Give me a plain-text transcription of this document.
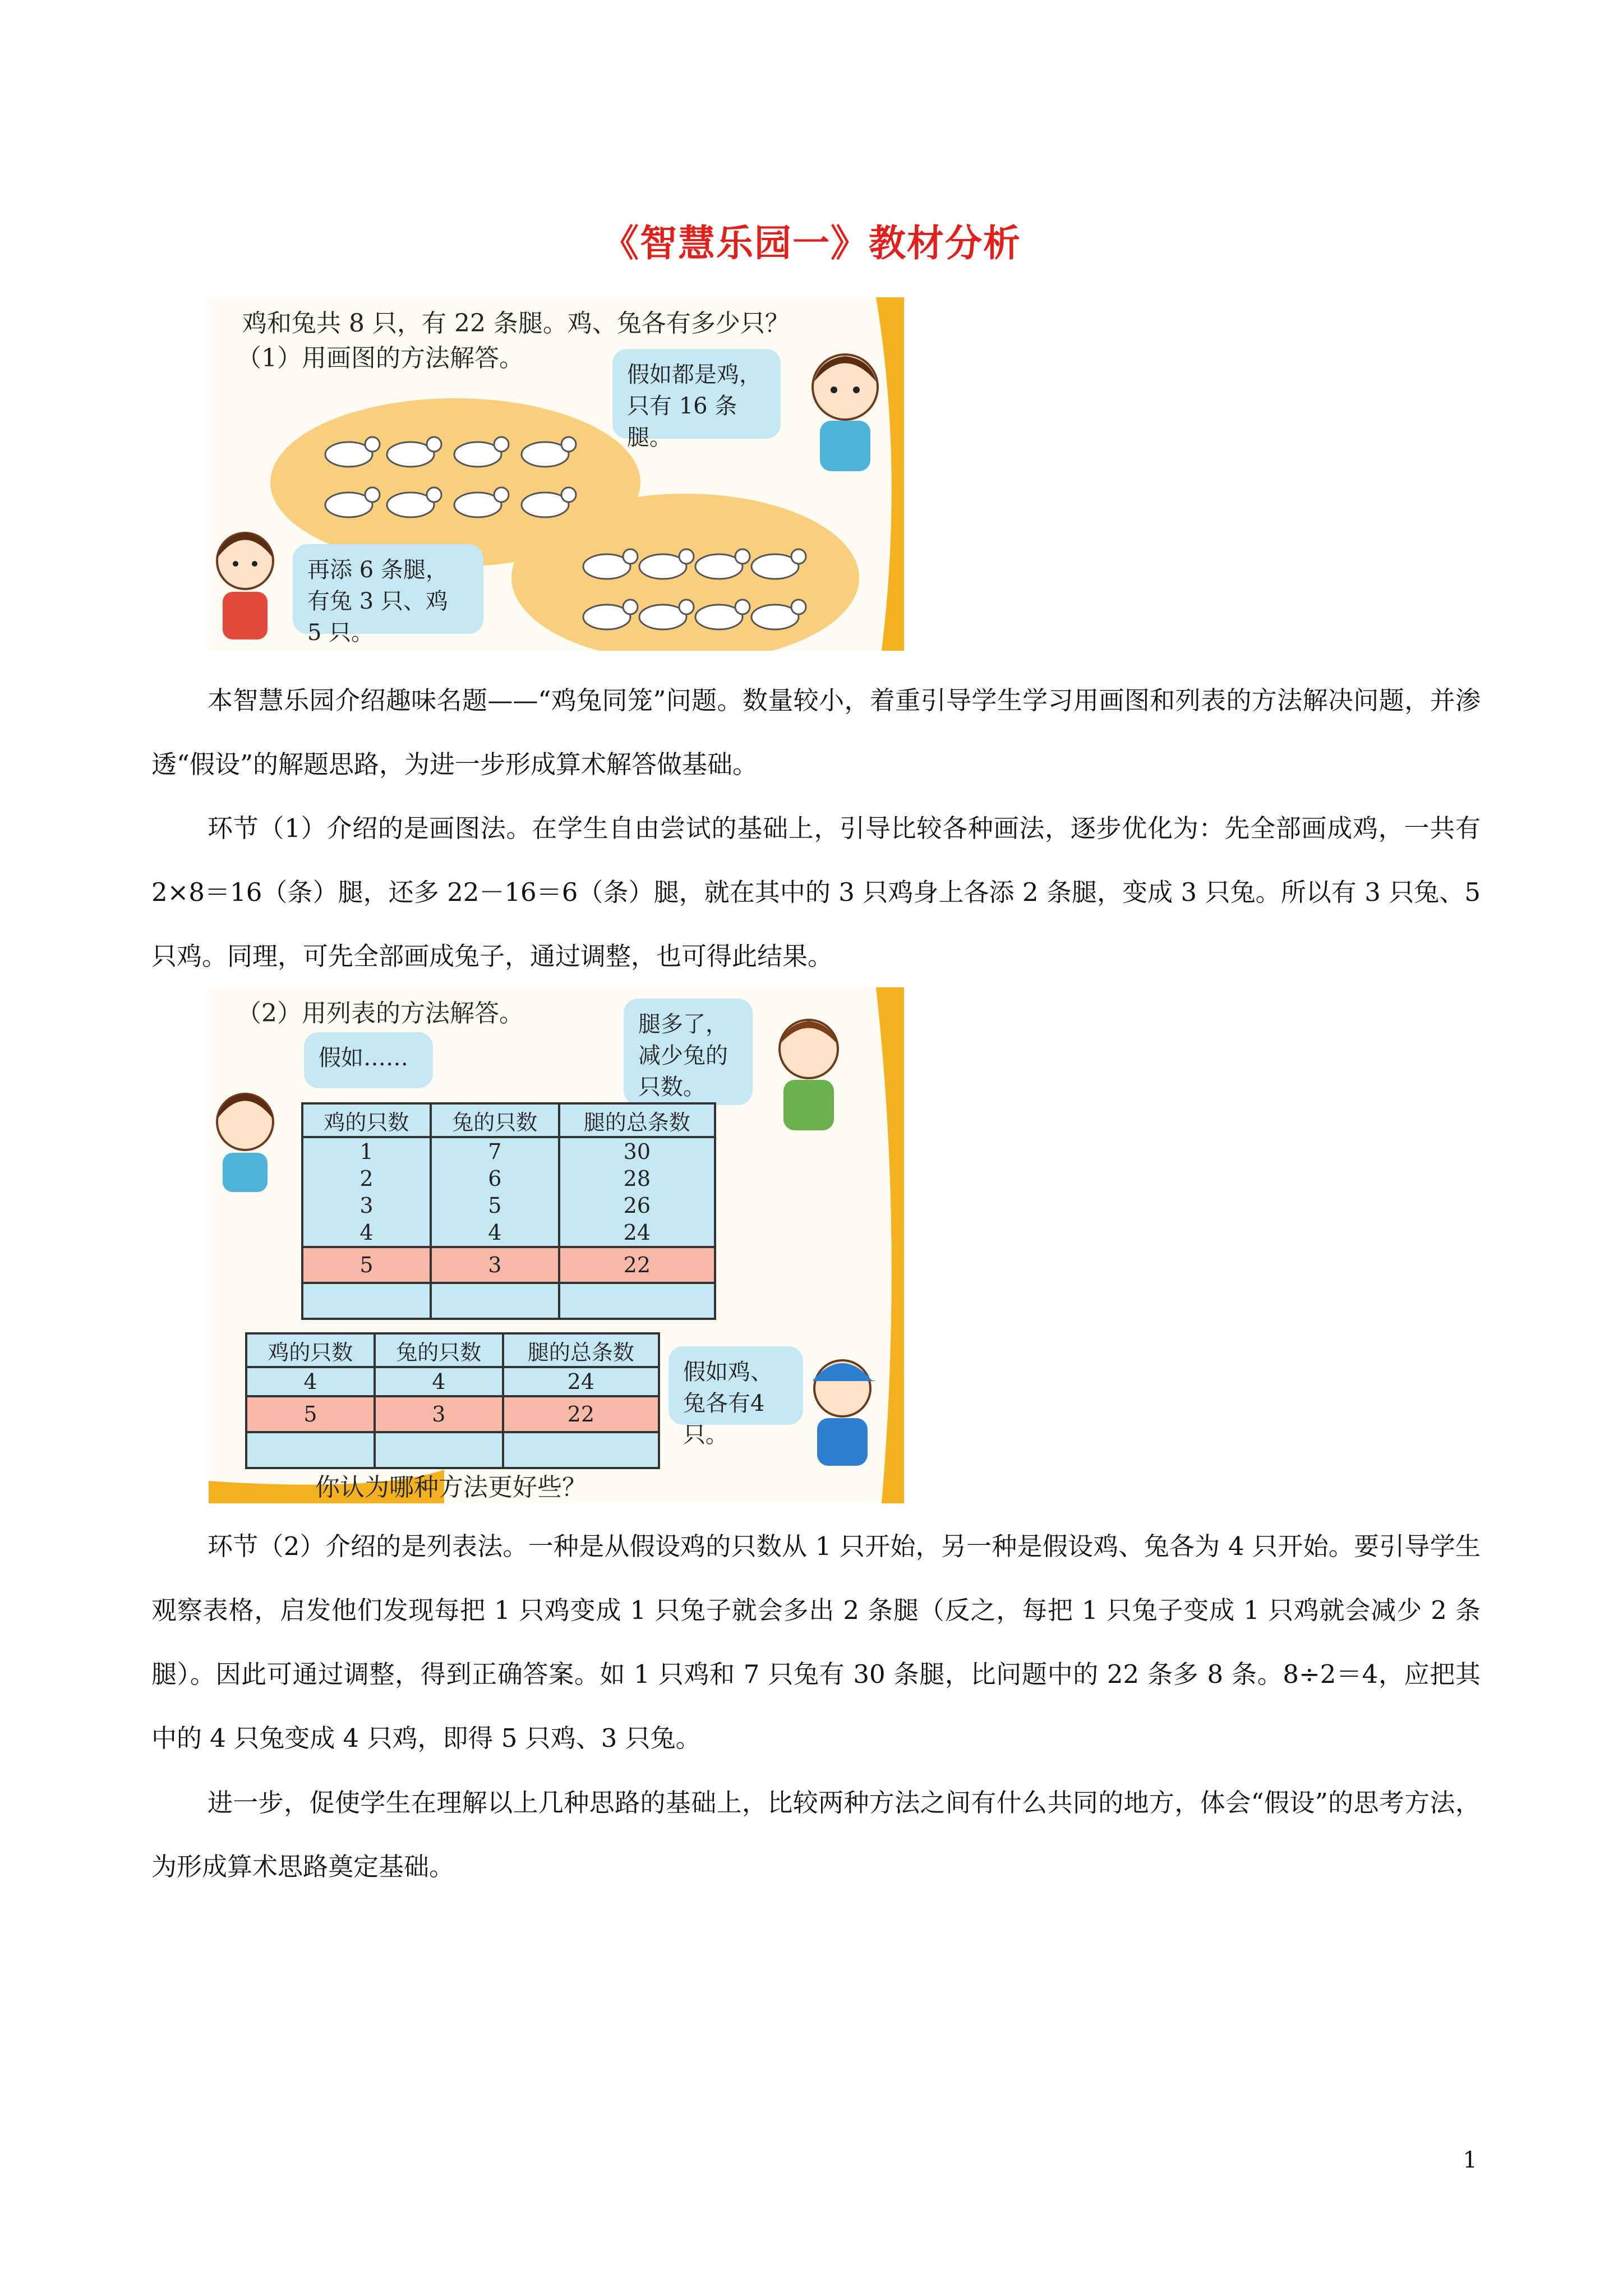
《智慧乐园一》教材分析
鸡和兔共 8 只，有 22 条腿。鸡、兔各有多少只？
（1）用画图的方法解答。
假如都是鸡，只有 16 条腿。
再添 6 条腿，有兔 3 只、鸡 5 只。
本智慧乐园介绍趣味名题——“鸡兔同笼”问题。数量较小，着重引导学生学习用画图和列表的方法解决问题，并渗透“假设”的解题思路，为进一步形成算术解答做基础。
环节（1）介绍的是画图法。在学生自由尝试的基础上，引导比较各种画法，逐步优化为：先全部画成鸡，一共有 2×8＝16（条）腿，还多 22－16＝6（条）腿，就在其中的 3 只鸡身上各添 2 条腿，变成 3 只兔。所以有 3 只兔、5 只鸡。同理，可先全部画成兔子，通过调整，也可得此结果。
（2）用列表的方法解答。
假如……
腿多了，减少兔的只数。
鸡的只数	兔的只数	腿的总条数
1	7	30
2	6	28
3	5	26
4	4	24
5	3	22

鸡的只数	兔的只数	腿的总条数
4	4	24
5	3	22

假如鸡、兔各有4只。
你认为哪种方法更好些？
环节（2）介绍的是列表法。一种是从假设鸡的只数从 1 只开始，另一种是假设鸡、兔各为 4 只开始。要引导学生观察表格，启发他们发现每把 1 只鸡变成 1 只兔子就会多出 2 条腿（反之，每把 1 只兔子变成 1 只鸡就会减少 2 条腿）。因此可通过调整，得到正确答案。如 1 只鸡和 7 只兔有 30 条腿，比问题中的 22 条多 8 条。8÷2＝4，应把其中的 4 只兔变成 4 只鸡，即得 5 只鸡、3 只兔。
进一步，促使学生在理解以上几种思路的基础上，比较两种方法之间有什么共同的地方，体会“假设”的思考方法，为形成算术思路奠定基础。
1
